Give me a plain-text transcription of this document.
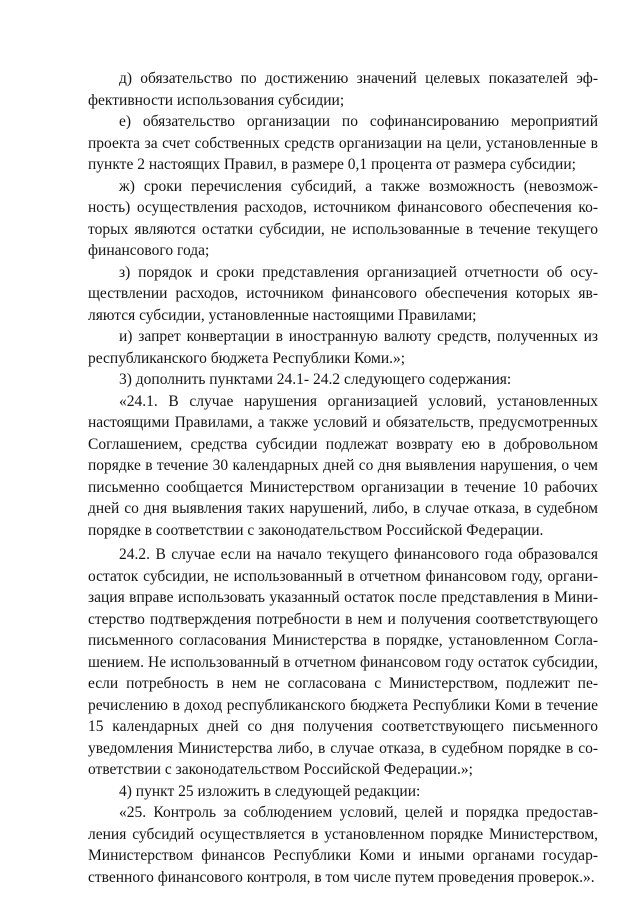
д) обязательство по достижению значений целевых показателей эффективности использования субсидии;

е) обязательство организации по софинансированию мероприятий проекта за счет собственных средств организации на цели, установленные в пункте 2 настоящих Правил, в размере 0,1 процента от размера субсидии;

ж) сроки перечисления субсидий, а также возможность (невозможность) осуществления расходов, источником финансового обеспечения которых являются остатки субсидии, не использованные в течение текущего финансового года;

з) порядок и сроки представления организацией отчетности об осуществлении расходов, источником финансового обеспечения которых являются субсидии, установленные настоящими Правилами;

и) запрет конвертации в иностранную валюту средств, полученных из республиканского бюджета Республики Коми.»;

3) дополнить пунктами 24.1- 24.2 следующего содержания:

«24.1. В случае нарушения организацией условий, установленных настоящими Правилами, а также условий и обязательств, предусмотренных Соглашением, средства субсидии подлежат возврату ею в добровольном порядке в течение 30 календарных дней со дня выявления нарушения, о чем письменно сообщается Министерством организации в течение 10 рабочих дней со дня выявления таких нарушений, либо, в случае отказа, в судебном порядке в соответствии с законодательством Российской Федерации.

24.2. В случае если на начало текущего финансового года образовался остаток субсидии, не использованный в отчетном финансовом году, организация вправе использовать указанный остаток после представления в Министерство подтверждения потребности в нем и получения соответствующего письменного согласования Министерства в порядке, установленном Соглашением. Не использованный в отчетном финансовом году остаток субсидии, если потребность в нем не согласована с Министерством, подлежит перечислению в доход республиканского бюджета Республики Коми в течение 15 календарных дней со дня получения соответствующего письменного уведомления Министерства либо, в случае отказа, в судебном порядке в соответствии с законодательством Российской Федерации.»;

4) пункт 25 изложить в следующей редакции:

«25. Контроль за соблюдением условий, целей и порядка предоставления субсидий осуществляется в установленном порядке Министерством, Министерством финансов Республики Коми и иными органами государственного финансового контроля, в том числе путем проведения проверок.».
